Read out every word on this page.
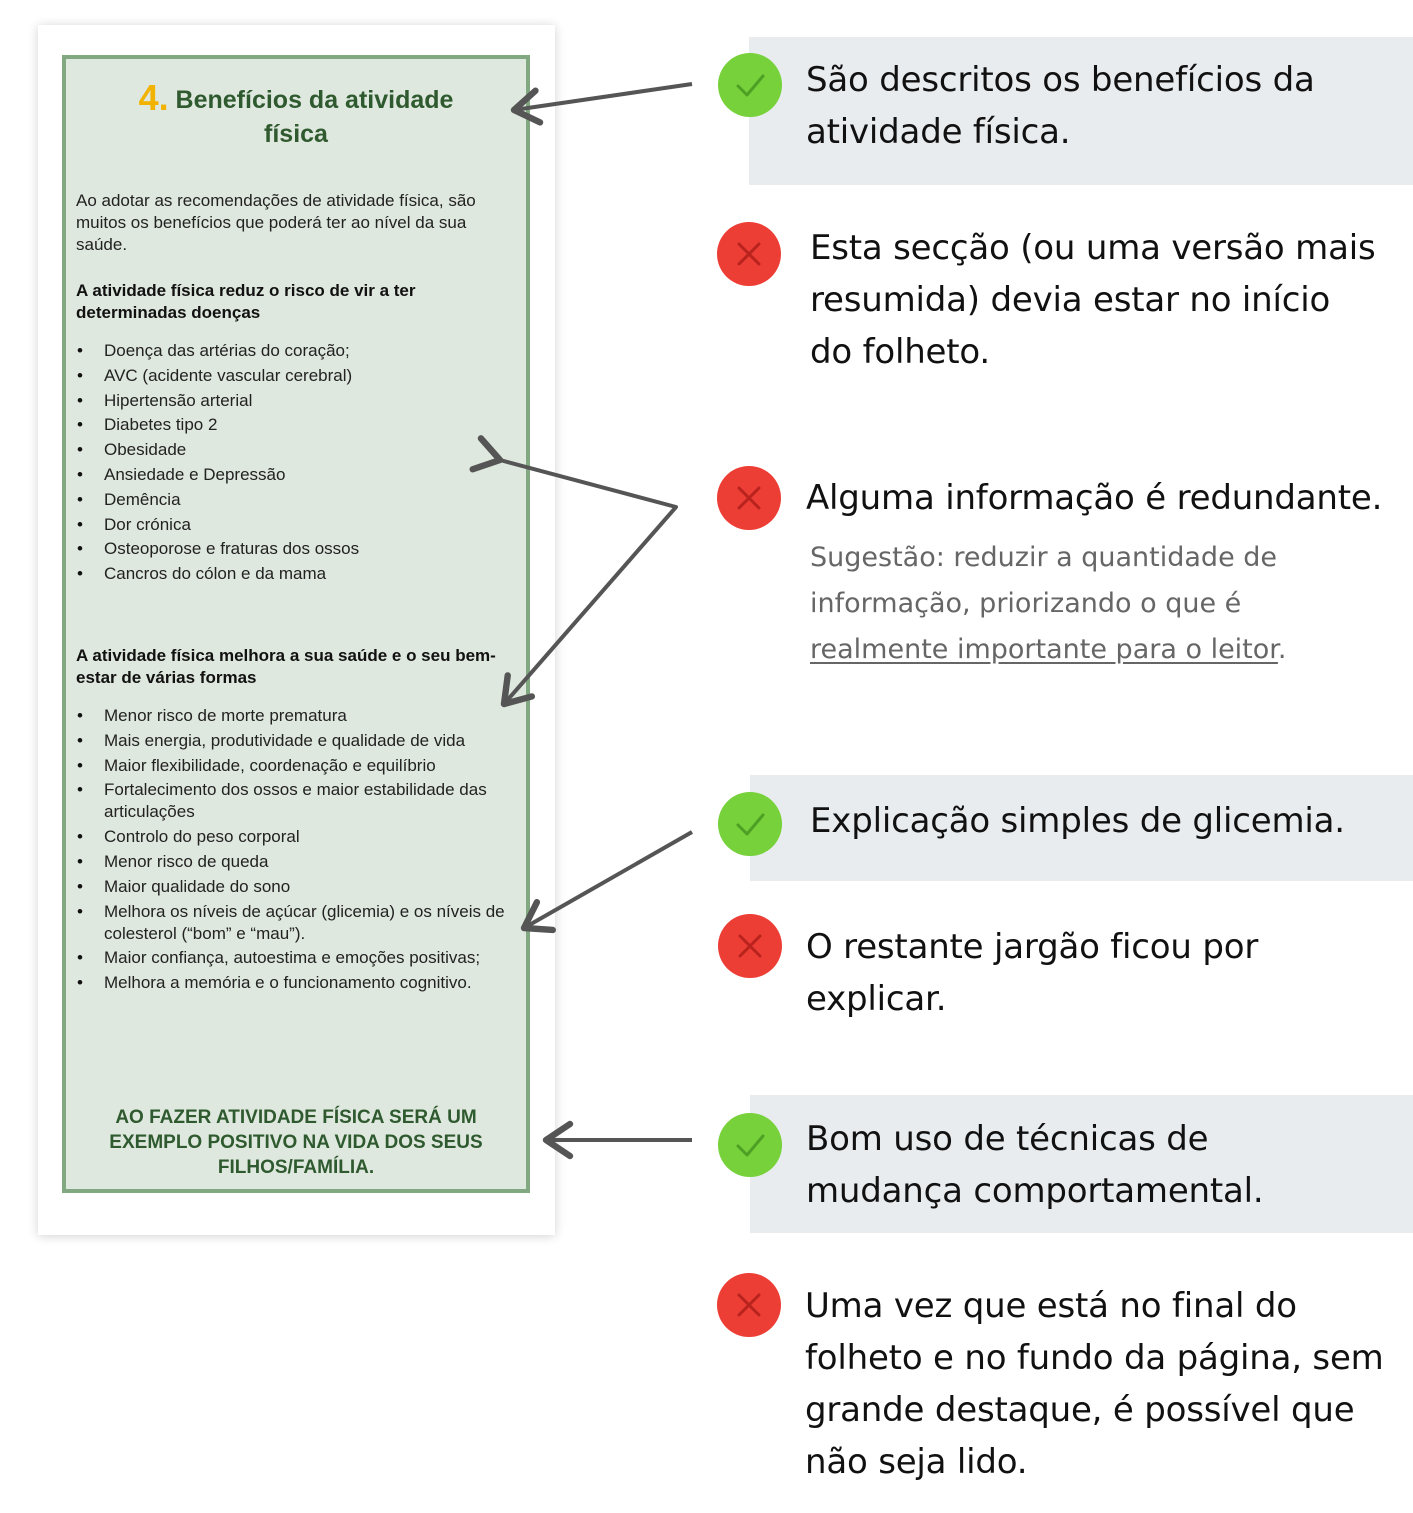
4. Benefícios da atividade
física
Ao adotar as recomendações de atividade física, são muitos os benefícios que poderá ter ao nível da sua saúde.
A atividade física reduz o risco de vir a ter determinadas doenças
• Doença das artérias do coração;
• AVC (acidente vascular cerebral)
• Hipertensão arterial
• Diabetes tipo 2
• Obesidade
• Ansiedade e Depressão
• Demência
• Dor crónica
• Osteoporose e fraturas dos ossos
• Cancros do cólon e da mama
A atividade física melhora a sua saúde e o seu bem-estar de várias formas
• Menor risco de morte prematura
• Mais energia, produtividade e qualidade de vida
• Maior flexibilidade, coordenação e equilíbrio
• Fortalecimento dos ossos e maior estabilidade das articulações
• Controlo do peso corporal
• Menor risco de queda
• Maior qualidade do sono
• Melhora os níveis de açúcar (glicemia) e os níveis de colesterol (“bom” e “mau”).
• Maior confiança, autoestima e emoções positivas;
• Melhora a memória e o funcionamento cognitivo.
AO FAZER ATIVIDADE FÍSICA SERÁ UM EXEMPLO POSITIVO NA VIDA DOS SEUS FILHOS/FAMÍLIA.
São descritos os benefícios da atividade física.
Esta secção (ou uma versão mais resumida) devia estar no início do folheto.
Alguma informação é redundante.
Sugestão: reduzir a quantidade de informação, priorizando o que é realmente importante para o leitor.
Explicação simples de glicemia.
O restante jargão ficou por explicar.
Bom uso de técnicas de mudança comportamental.
Uma vez que está no final do folheto e no fundo da página, sem grande destaque, é possível que não seja lido.
